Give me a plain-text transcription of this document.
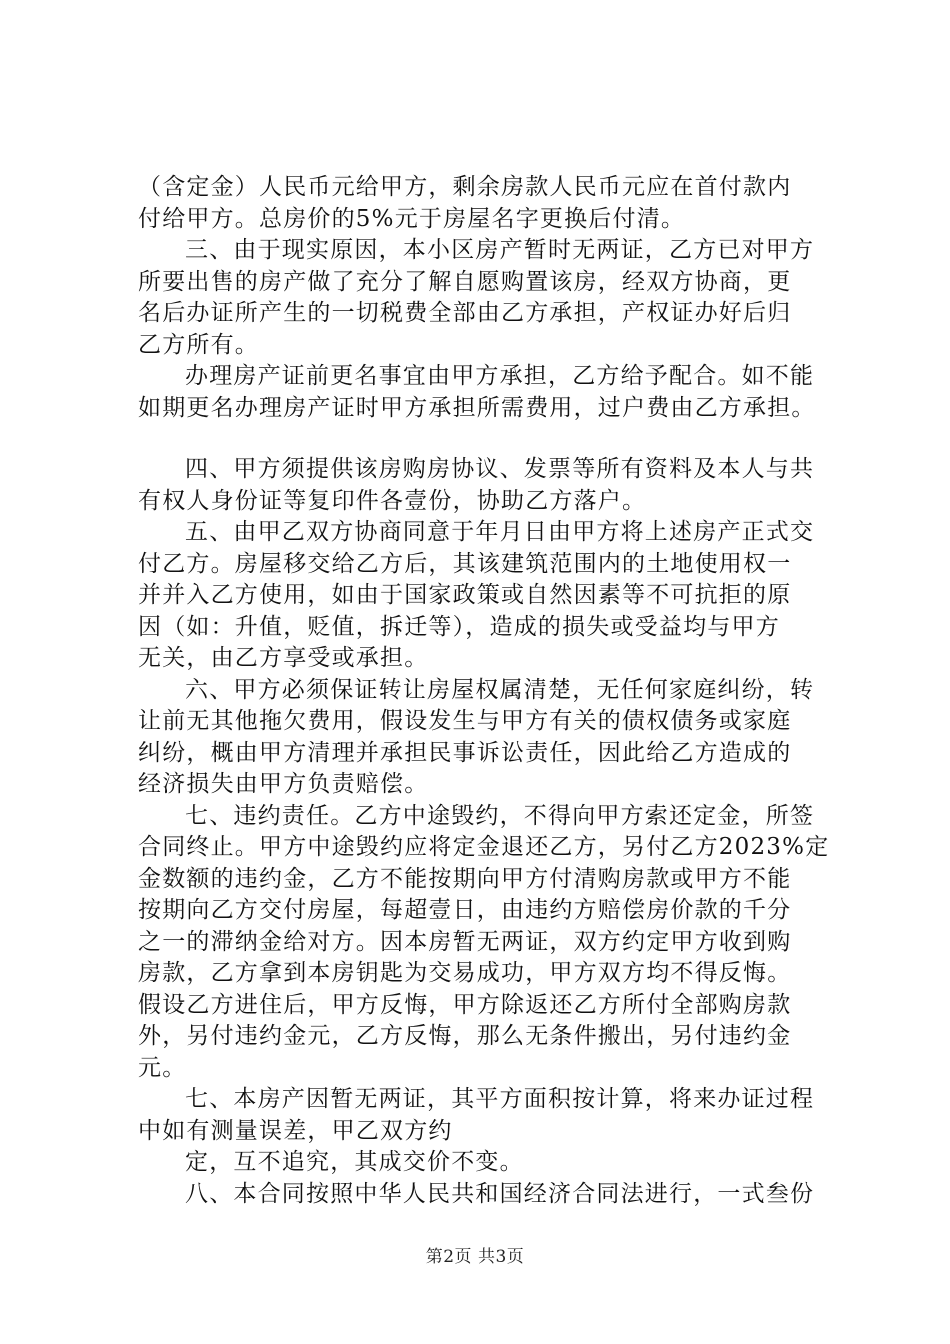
（含定金）人民币元给甲方，剩余房款人民币元应在首付款内
付给甲方。总房价的5%元于房屋名字更换后付清。
三、由于现实原因，本小区房产暂时无两证，乙方已对甲方
所要出售的房产做了充分了解自愿购置该房，经双方协商，更
名后办证所产生的一切税费全部由乙方承担，产权证办好后归
乙方所有。
办理房产证前更名事宜由甲方承担，乙方给予配合。如不能
如期更名办理房产证时甲方承担所需费用，过户费由乙方承担。
四、甲方须提供该房购房协议、发票等所有资料及本人与共
有权人身份证等复印件各壹份，协助乙方落户。
五、由甲乙双方协商同意于年月日由甲方将上述房产正式交
付乙方。房屋移交给乙方后，其该建筑范围内的土地使用权一
并并入乙方使用，如由于国家政策或自然因素等不可抗拒的原
因（如：升值，贬值，拆迁等），造成的损失或受益均与甲方
无关，由乙方享受或承担。
六、甲方必须保证转让房屋权属清楚，无任何家庭纠纷，转
让前无其他拖欠费用，假设发生与甲方有关的债权债务或家庭
纠纷，概由甲方清理并承担民事诉讼责任，因此给乙方造成的
经济损失由甲方负责赔偿。
七、违约责任。乙方中途毁约，不得向甲方索还定金，所签
合同终止。甲方中途毁约应将定金退还乙方，另付乙方2023%定
金数额的违约金，乙方不能按期向甲方付清购房款或甲方不能
按期向乙方交付房屋，每超壹日，由违约方赔偿房价款的千分
之一的滞纳金给对方。因本房暂无两证，双方约定甲方收到购
房款，乙方拿到本房钥匙为交易成功，甲方双方均不得反悔。
假设乙方进住后，甲方反悔，甲方除返还乙方所付全部购房款
外，另付违约金元，乙方反悔，那么无条件搬出，另付违约金
元。
七、本房产因暂无两证，其平方面积按计算，将来办证过程
中如有测量误差，甲乙双方约
定，互不追究，其成交价不变。
八、本合同按照中华人民共和国经济合同法进行，一式叁份
第2页 共3页
